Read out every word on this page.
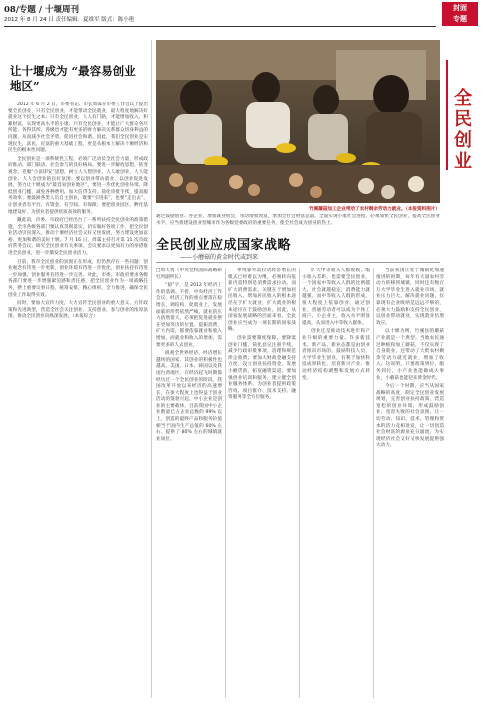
08/专题 / 十堰周刊
2012 年 8 月 24 日 责任编辑：夏维军 版式：陈小艳
封面
专题
全民创业
让十堰成为 “最容易创业地区”

2012 年 6 月 2 日，市委书记、市长周霁在市委工作会议上提出要全民创业，只有全民创业，才能带动全民就业，最大程度地解决好就业这个民生之本；只有全民创业，人人有门路，才能增加收入，积累财富，实现更高水平的小康；只有全民创业，才能让广大群众各尽所能、各得其所，各级也才能有更多的财力解决关系群众切身利益的问题，从而减少社会矛盾，促进社会和谐。因此，我们全民创业是实现民生，富民，民富的重大基础工程，更是从根本上解决十堰经济和民生的根本性问题。

全民创业是一项系统性工程，必须广泛动员全社会力量，形成政府推动、部门联动、社会参与的良好格局。要进一步解放思想，转变观念，克服“小富即安”思想，树立人人想创业、人人敢创业、人人能创业、人人会创业的良好氛围；要以创业带动就业，以创业促进发展，努力让十堰成为“最容易创业地区”。要进一步优化创业环境，降低创业门槛，减免各种费用，加大信贷支持，简化审批手续，提高服务效率；要鼓励各类人员自主创业，既要“引进来”，也要“走出去”，让创业者有平台、有资金、有空间、有保障；要把创业园区、孵化基地建设好，为创业者提供优质高效的服务。

戴此前，市委、市政府已经出台了一系列扶持全民创业的政策措施，全市各级各部门要认真贯彻落实，切实做好各项工作，把全民创业活动引向深入，推动十堰经济社会又好又快发展，努力建设更加富裕、更加和谐的美好十堰。7 月 16 日，周霁主持召开第 11 次市政府常务会议，研究全民创业有关事项。会议要求以更加有力的举措推进全民创业，进一步激发全民创业活力。

目前，我市全民创业的氛围正在形成，但仍然存在一些问题：创业观念有待进一步更新，创业环境有待进一步优化，创业扶持有待进一步加强，创业服务有待进一步完善。对此，市委、市政府要求各级各部门要进一步增强紧迫感和责任感，把全民创业作为一项战略任务，摆上重要议事日程，统筹安排，精心组织，全力推进，确保全民创业工作取得实效。

同时，要加大宣传力度，大力宣传全民创业的重大意义、方针政策和先进典型，营造全社会关注创业、支持创业、参与创业的浓厚氛围，推动全民创业向纵深发展。（本报综合）

竹溪蘑菇加工企业带动了农村剩余劳动力就业。（本报资料图片）
通过鼓励创业、办企业，增加就业机会，带动增收致富，增加全社会财富总量。全面实现小康社会进程，必须加快全民创业，提高全民创业水平。应当将建设创业型城市作为各级党委政府的重要任务，使全社会成为创业的热土。
全民创业应成国家战略
——小蘑菇的黄金时代或到来

□周天勇（中央党校国际战略研究所副所长）

“稳”字，是 2012 年经济工作的基调。不折，中央经济工作会议，经济工作的重点要落在稳增长、调结构、促就业上，发展面临的形势依然严峻，就业的压力依然很大，必须把促进就业摆在更加突出的位置。提振消费，扩大内需，都要依靠就业和收入增加，而就业和收入的增加，需要更多的人去创业。

纵观全世界经济，经济增长越快的国家，其创业的积极性也越高。美国、日本、韩国以及我国台湾地区，在经济起飞时期都经历过一个全民创业的阶段。我国改革开放以来经济的高速增长，在很大程度上也得益于创业活动的蓬勃兴起。中小企业是创业的主要载体，目前我国中小企业数量已占企业总数的 99% 以上，创造的最终产品和服务价值相当于国内生产总值的 60% 左右，提供了 80% 左右的城镇就业岗位。

单纯靠外需拉动经济增长的模式已经难以为继，必须转向依靠内需特别是消费需求拉动。而扩大消费需求，关键在于增加居民收入，增加居民收入的根本途径在于扩大就业，扩大就业的根本途径在于鼓励创业。因此，从国家发展战略的层面来看，全民创业应当成为一项长期的国家战略。

创业需要制度保障。要降低创业门槛，简化登记注册手续，减少行政审批事项，清理和规范涉企收费；要加大财政金融支持力度，设立创业扶持资金，发展小额贷款，拓宽融资渠道；要加强创业培训和服务，建立健全创业服务体系，为创业者提供政策咨询、项目推介、技术支持、融资服务等全方位服务。

扩大中等收入人群规模，缩小收入差距，也需要全民创业。一个国家中等收入人群的比例越大，社会就越稳定，消费能力就越强。而中等收入人群的形成，很大程度上依靠创业。通过创业，普通劳动者可以成为个体工商户、小企业主，收入水平明显提高，从而进入中等收入群体。

创业还是推动技术进步和产业升级的重要力量。许多新技术、新产品、新业态都是由创业者推向市场的。鼓励科技人员、大学毕业生创业，有利于加快科技成果转化，培育新兴产业，推动经济结构调整和发展方式转变。

当前我国正处于城镇化加速推进的时期，每年有大量农村劳动力转移到城镇，同时还有数百万大学毕业生进入就业市场，就业压力巨大。解决就业问题，仅靠现有企业吸纳是远远不够的，必须大力鼓励和支持全民创业，以创业带动就业，实现就业倍增效应。

以十堰为例，竹溪县的蘑菇产业就是一个典型。当地农民通过种植和加工蘑菇，不仅实现了自身就业，还带动了大批农村剩余劳动力就近就业，增加了收入。这说明，只要政策到位、服务到位，小产业也能做成大事业，小蘑菇也能迎来黄金时代。

今后一个时期，应当从国家战略的高度，制定全民创业发展规划，完善创业扶持政策，营造宽松的创业环境，形成鼓励创业、宽容失败的社会氛围，让一切劳动、知识、技术、管理和资本的活力竞相迸发，让一切创造社会财富的源泉充分涌流，为实现经济社会又好又快发展提供强大动力。
